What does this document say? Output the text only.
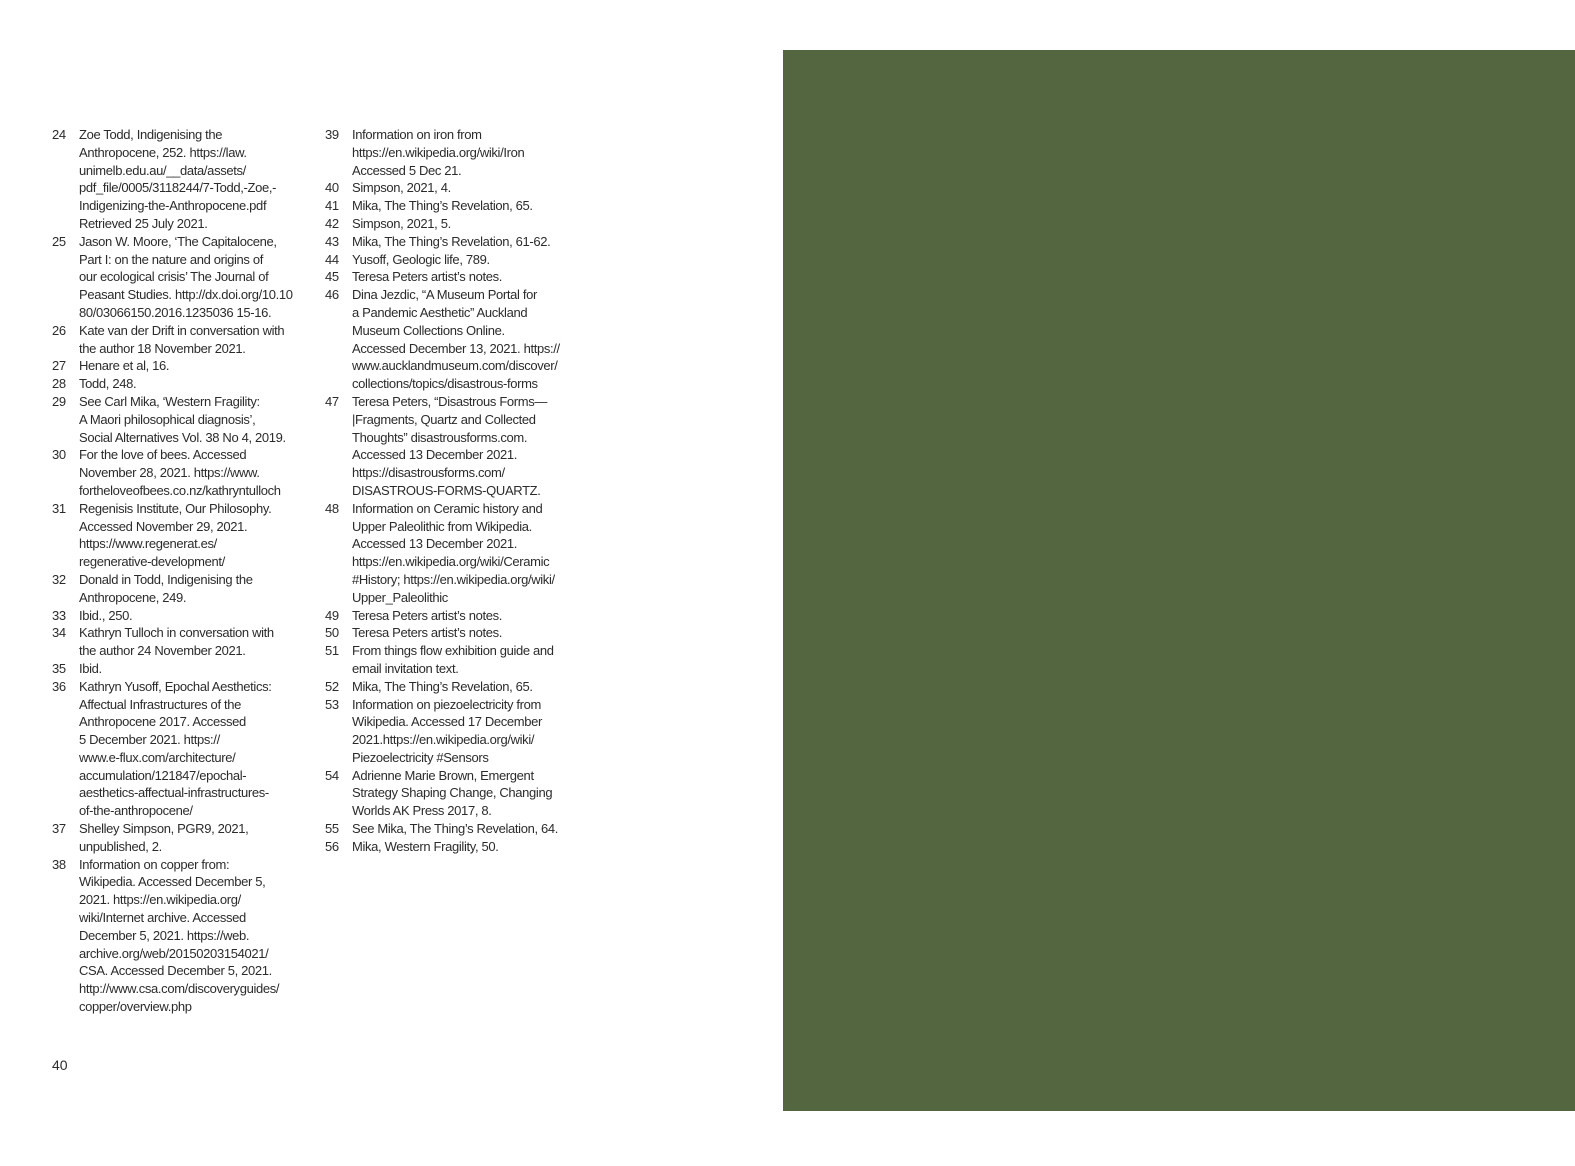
24	Zoe Todd, Indigenising the
Anthropocene, 252. https://law.
unimelb.edu.au/__data/assets/
pdf_file/0005/3118244/7-Todd,-Zoe,-
Indigenizing-the-Anthropocene.pdf
Retrieved 25 July 2021.
25	Jason W. Moore, ‘The Capitalocene,
Part I: on the nature and origins of
our ecological crisis’ The Journal of
Peasant Studies. http://dx.doi.org/10.10
80/03066150.2016.1235036 15-16.
26	Kate van der Drift in conversation with
the author 18 November 2021.
27	Henare et al, 16.
28	Todd, 248.
29	See Carl Mika, ‘Western Fragility:
A Maori philosophical diagnosis’,
Social Alternatives Vol. 38 No 4, 2019.
30	For the love of bees. Accessed
November 28, 2021. https://www.
fortheloveofbees.co.nz/kathryntulloch
31	Regenisis Institute, Our Philosophy.
Accessed November 29, 2021.
https://www.regenerat.es/
regenerative-development/
32	Donald in Todd, Indigenising the
Anthropocene, 249.
33	Ibid., 250.
34	Kathryn Tulloch in conversation with
the author 24 November 2021.
35	Ibid.
36	Kathryn Yusoff, Epochal Aesthetics:
Affectual Infrastructures of the
Anthropocene 2017. Accessed
5 December 2021. https://
www.e-flux.com/architecture/
accumulation/121847/epochal-
aesthetics-affectual-infrastructures-
of-the-anthropocene/
37	Shelley Simpson, PGR9, 2021,
unpublished, 2.
38	Information on copper from:
Wikipedia. Accessed December 5,
2021. https://en.wikipedia.org/
wiki/Internet archive. Accessed
December 5, 2021. https://web.
archive.org/web/20150203154021/
CSA. Accessed December 5, 2021.
http://www.csa.com/discoveryguides/
copper/overview.php
39	Information on iron from
https://en.wikipedia.org/wiki/Iron
Accessed 5 Dec 21.
40	Simpson, 2021, 4.
41	Mika, The Thing’s Revelation, 65.
42	Simpson, 2021, 5.
43	Mika, The Thing’s Revelation, 61-62.
44	Yusoff, Geologic life, 789.
45	Teresa Peters artist’s notes.
46	Dina Jezdic, “A Museum Portal for
a Pandemic Aesthetic” Auckland
Museum Collections Online.
Accessed December 13, 2021. https://
www.aucklandmuseum.com/discover/
collections/topics/disastrous-forms
47	Teresa Peters, “Disastrous Forms—
|Fragments, Quartz and Collected
Thoughts” disastrousforms.com.
Accessed 13 December 2021.
https://disastrousforms.com/
DISASTROUS-FORMS-QUARTZ.
48	Information on Ceramic history and
Upper Paleolithic from Wikipedia.
Accessed 13 December 2021.
https://en.wikipedia.org/wiki/Ceramic
#History; https://en.wikipedia.org/wiki/
Upper_Paleolithic
49	Teresa Peters artist’s notes.
50	Teresa Peters artist’s notes.
51	From things flow exhibition guide and
email invitation text.
52	Mika, The Thing’s Revelation, 65.
53	Information on piezoelectricity from
Wikipedia. Accessed 17 December
2021.https://en.wikipedia.org/wiki/
Piezoelectricity #Sensors
54	Adrienne Marie Brown, Emergent
Strategy Shaping Change, Changing
Worlds AK Press 2017, 8.
55	See Mika, The Thing’s Revelation, 64.
56	Mika, Western Fragility, 50.
40
